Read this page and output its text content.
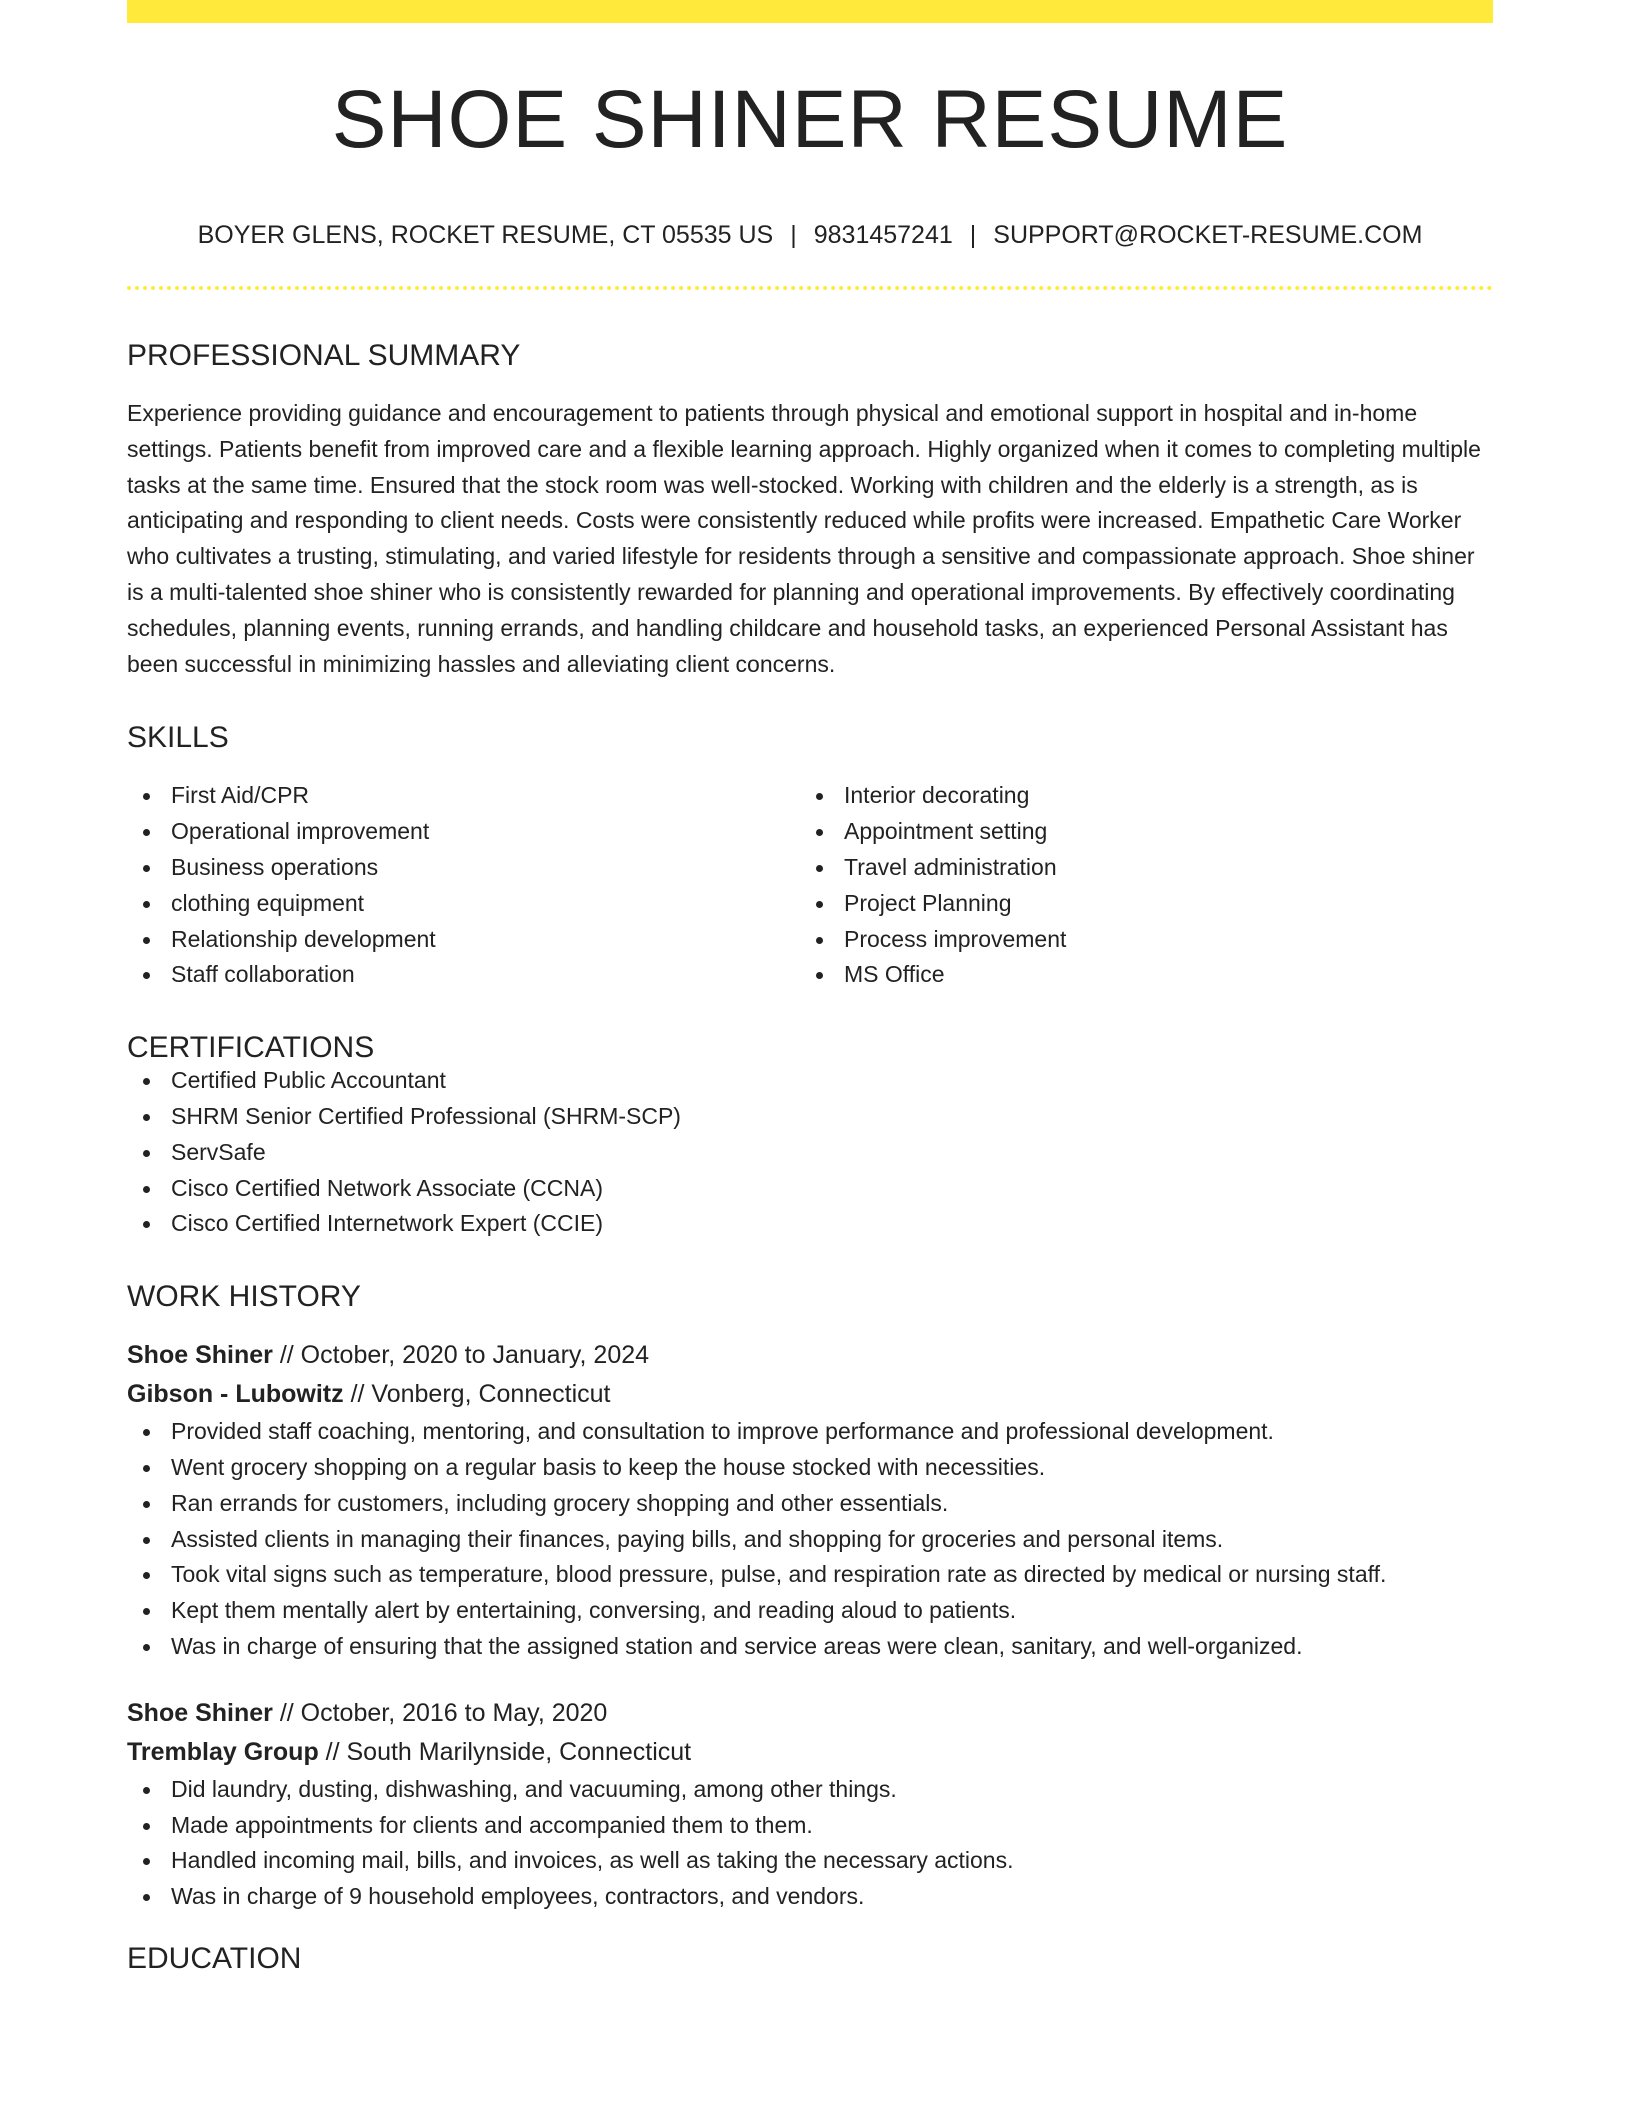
SHOE SHINER RESUME
BOYER GLENS, ROCKET RESUME, CT 05535 US | 9831457241 | SUPPORT@ROCKET-RESUME.COM
PROFESSIONAL SUMMARY
Experience providing guidance and encouragement to patients through physical and emotional support in hospital and in-home settings. Patients benefit from improved care and a flexible learning approach. Highly organized when it comes to completing multiple tasks at the same time. Ensured that the stock room was well-stocked. Working with children and the elderly is a strength, as is anticipating and responding to client needs. Costs were consistently reduced while profits were increased. Empathetic Care Worker who cultivates a trusting, stimulating, and varied lifestyle for residents through a sensitive and compassionate approach. Shoe shiner is a multi-talented shoe shiner who is consistently rewarded for planning and operational improvements. By effectively coordinating schedules, planning events, running errands, and handling childcare and household tasks, an experienced Personal Assistant has been successful in minimizing hassles and alleviating client concerns.
SKILLS
First Aid/CPR
Operational improvement
Business operations
clothing equipment
Relationship development
Staff collaboration
Interior decorating
Appointment setting
Travel administration
Project Planning
Process improvement
MS Office
CERTIFICATIONS
Certified Public Accountant
SHRM Senior Certified Professional (SHRM-SCP)
ServSafe
Cisco Certified Network Associate (CCNA)
Cisco Certified Internetwork Expert (CCIE)
WORK HISTORY
Shoe Shiner // October, 2020 to January, 2024
Gibson - Lubowitz // Vonberg, Connecticut
Provided staff coaching, mentoring, and consultation to improve performance and professional development.
Went grocery shopping on a regular basis to keep the house stocked with necessities.
Ran errands for customers, including grocery shopping and other essentials.
Assisted clients in managing their finances, paying bills, and shopping for groceries and personal items.
Took vital signs such as temperature, blood pressure, pulse, and respiration rate as directed by medical or nursing staff.
Kept them mentally alert by entertaining, conversing, and reading aloud to patients.
Was in charge of ensuring that the assigned station and service areas were clean, sanitary, and well-organized.
Shoe Shiner // October, 2016 to May, 2020
Tremblay Group // South Marilynside, Connecticut
Did laundry, dusting, dishwashing, and vacuuming, among other things.
Made appointments for clients and accompanied them to them.
Handled incoming mail, bills, and invoices, as well as taking the necessary actions.
Was in charge of 9 household employees, contractors, and vendors.
EDUCATION
